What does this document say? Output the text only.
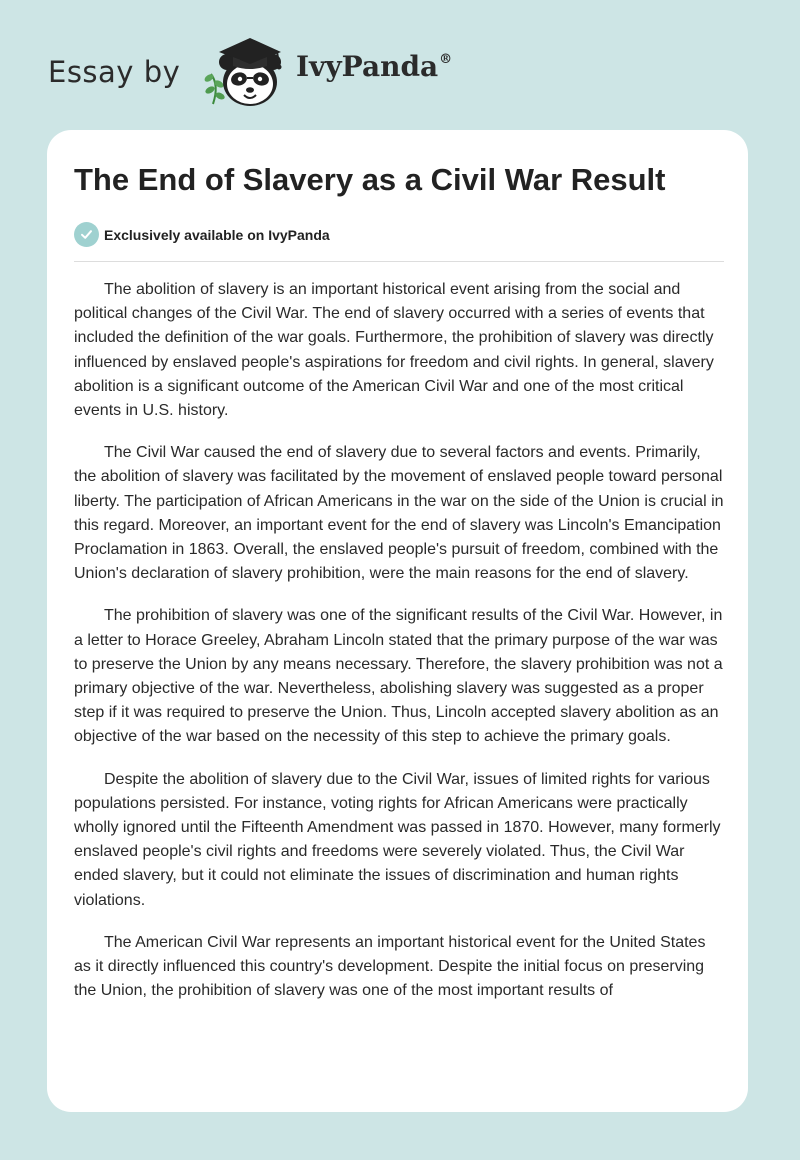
Essay by	IvyPanda®
The End of Slavery as a Civil War Result
Exclusively available on IvyPanda

The abolition of slavery is an important historical event arising from the social and political changes of the Civil War. The end of slavery occurred with a series of events that included the definition of the war goals. Furthermore, the prohibition of slavery was directly influenced by enslaved people's aspirations for freedom and civil rights. In general, slavery abolition is a significant outcome of the American Civil War and one of the most critical events in U.S. history.

The Civil War caused the end of slavery due to several factors and events. Primarily, the abolition of slavery was facilitated by the movement of enslaved people toward personal liberty. The participation of African Americans in the war on the side of the Union is crucial in this regard. Moreover, an important event for the end of slavery was Lincoln's Emancipation Proclamation in 1863. Overall, the enslaved people's pursuit of freedom, combined with the Union's declaration of slavery prohibition, were the main reasons for the end of slavery.

The prohibition of slavery was one of the significant results of the Civil War. However, in a letter to Horace Greeley, Abraham Lincoln stated that the primary purpose of the war was to preserve the Union by any means necessary. Therefore, the slavery prohibition was not a primary objective of the war. Nevertheless, abolishing slavery was suggested as a proper step if it was required to preserve the Union. Thus, Lincoln accepted slavery abolition as an objective of the war based on the necessity of this step to achieve the primary goals.

Despite the abolition of slavery due to the Civil War, issues of limited rights for various populations persisted. For instance, voting rights for African Americans were practically wholly ignored until the Fifteenth Amendment was passed in 1870. However, many formerly enslaved people's civil rights and freedoms were severely violated. Thus, the Civil War ended slavery, but it could not eliminate the issues of discrimination and human rights violations.

The American Civil War represents an important historical event for the United States as it directly influenced this country's development. Despite the initial focus on preserving the Union, the prohibition of slavery was one of the most important results of
